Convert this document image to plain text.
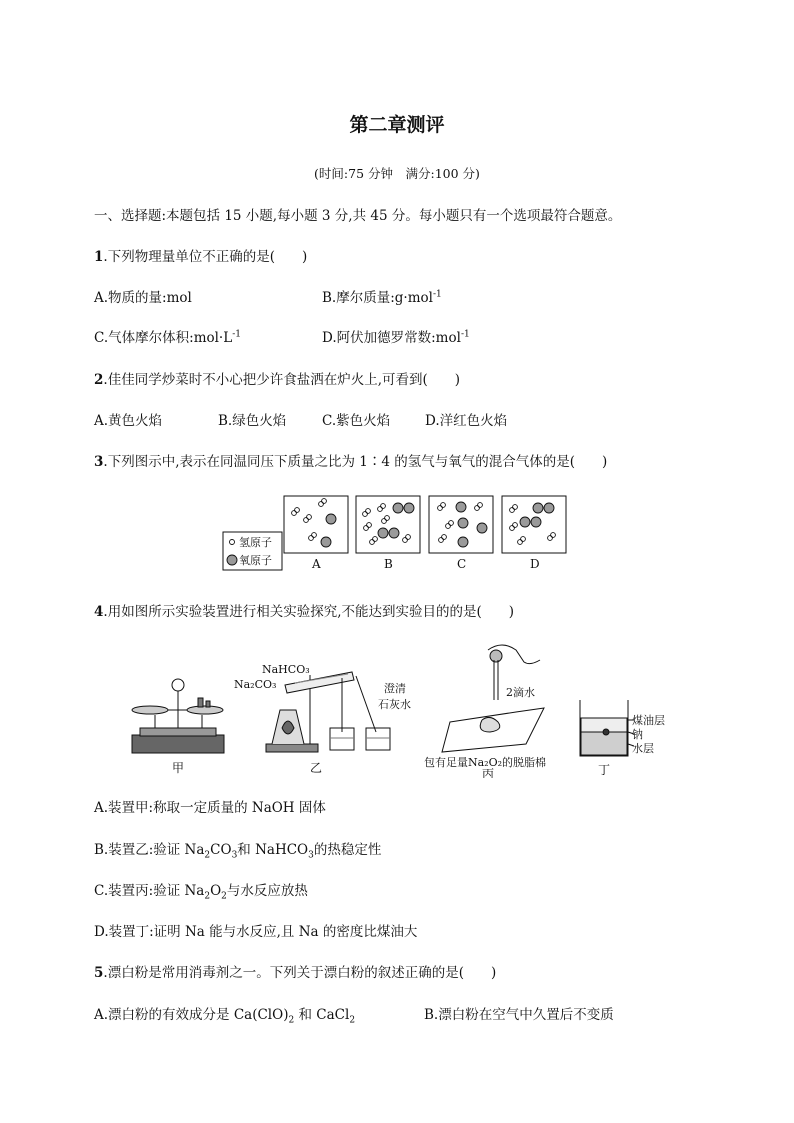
第二章测评
(时间:75 分钟　满分:100 分)
一、选择题:本题包括 15 小题,每小题 3 分,共 45 分。每小题只有一个选项最符合题意。
1.下列物理量单位不正确的是(　　)
A.物质的量:mol	B.摩尔质量:g·mol$^{-1}$
C.气体摩尔体积$:mol\cdot L^{-1}$	D.阿伏加德罗常数:mol$^{-1}$
2.佳佳同学炒菜时不小心把少许食盐洒在炉火上,可看到(　　)
A.黄色火焰	B.绿色火焰	C.紫色火焰	D.洋红色火焰
3.下列图示中,表示在同温同压下质量之比为 1∶4 的氢气与氧气的混合气体的是(　　)
氢原子
氧原子	A	B	C	D
4.用如图所示实验装置进行相关实验探究,不能达到实验目的的是(　　)
甲
NaHCO₃
Na₂CO₃	澄清
石灰水
乙
2滴水
包有足量Na₂O₂的脱脂棉
丙
煤油层
钠
水层
丁
A.装置甲:称取一定质量的 NaOH 固体
B.装置乙:验证 $Na_2CO_3$和 NaHCO$_3$的热稳定性
C.装置丙:验证 $Na_2O_2$与水反应放热
D.装置丁:证明 Na 能与水反应,且 Na 的密度比煤油大
5.漂白粉是常用消毒剂之一。下列关于漂白粉的叙述正确的是(　　)
A.漂白粉的有效成分是 $Ca(ClO)_2$ 和 CaCl$_2$	B.漂白粉在空气中久置后不变质
